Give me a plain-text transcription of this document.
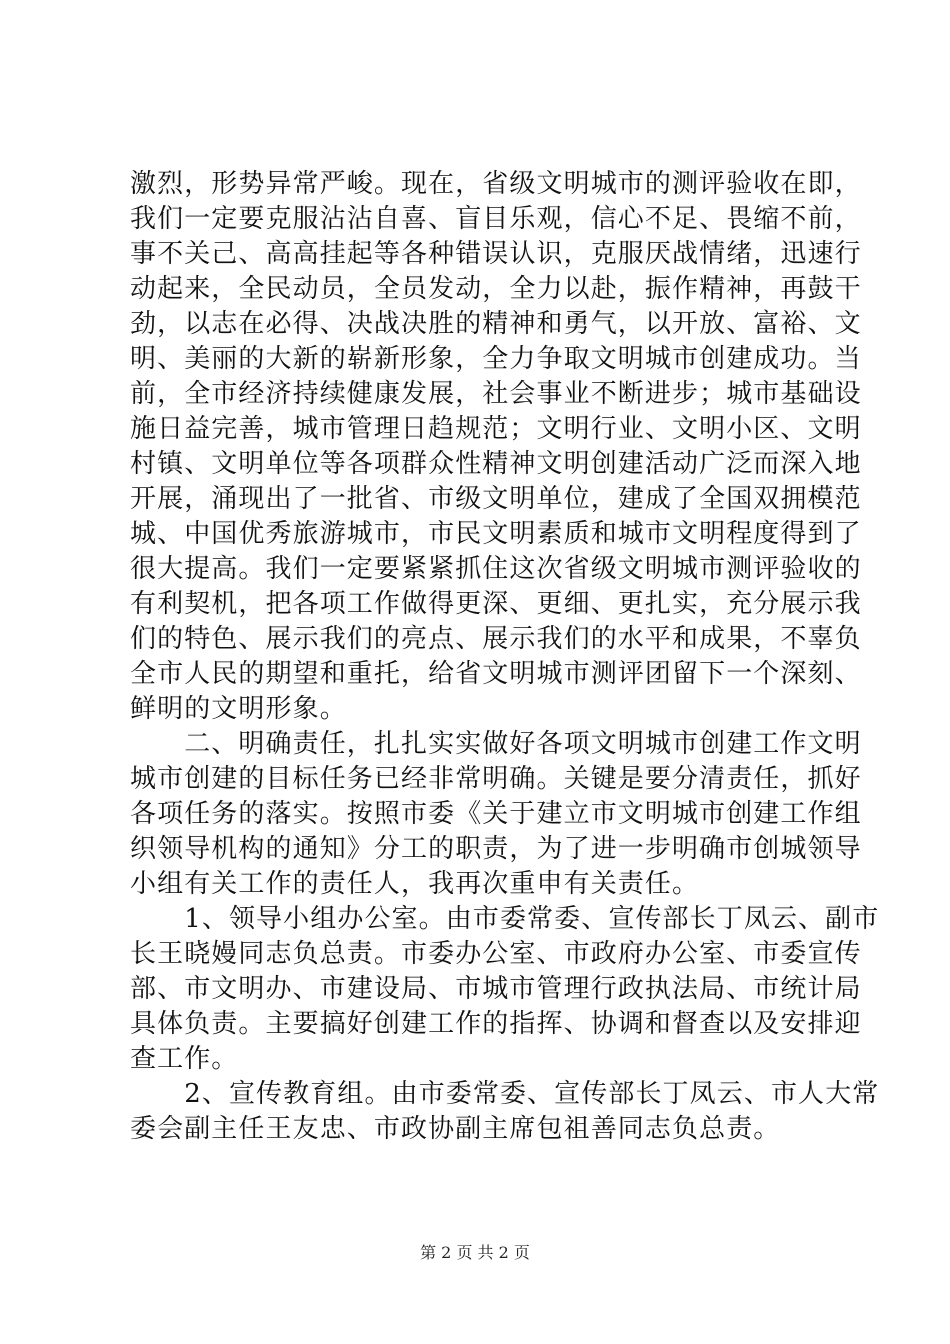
激烈，形势异常严峻。现在，省级文明城市的测评验收在即，
我们一定要克服沾沾自喜、盲目乐观，信心不足、畏缩不前，
事不关己、高高挂起等各种错误认识，克服厌战情绪，迅速行
动起来，全民动员，全员发动，全力以赴，振作精神，再鼓干
劲，以志在必得、决战决胜的精神和勇气，以开放、富裕、文
明、美丽的大新的崭新形象，全力争取文明城市创建成功。当
前，全市经济持续健康发展，社会事业不断进步；城市基础设
施日益完善，城市管理日趋规范；文明行业、文明小区、文明
村镇、文明单位等各项群众性精神文明创建活动广泛而深入地
开展，涌现出了一批省、市级文明单位，建成了全国双拥模范
城、中国优秀旅游城市，市民文明素质和城市文明程度得到了
很大提高。我们一定要紧紧抓住这次省级文明城市测评验收的
有利契机，把各项工作做得更深、更细、更扎实，充分展示我
们的特色、展示我们的亮点、展示我们的水平和成果，不辜负
全市人民的期望和重托，给省文明城市测评团留下一个深刻、
鲜明的文明形象。
　　二、明确责任，扎扎实实做好各项文明城市创建工作文明
城市创建的目标任务已经非常明确。关键是要分清责任，抓好
各项任务的落实。按照市委《关于建立市文明城市创建工作组
织领导机构的通知》分工的职责，为了进一步明确市创城领导
小组有关工作的责任人，我再次重申有关责任。
　　1、领导小组办公室。由市委常委、宣传部长丁凤云、副市
长王晓嫚同志负总责。市委办公室、市政府办公室、市委宣传
部、市文明办、市建设局、市城市管理行政执法局、市统计局
具体负责。主要搞好创建工作的指挥、协调和督查以及安排迎
查工作。
　　2、宣传教育组。由市委常委、宣传部长丁凤云、市人大常
委会副主任王友忠、市政协副主席包祖善同志负总责。
第 2 页 共 2 页
